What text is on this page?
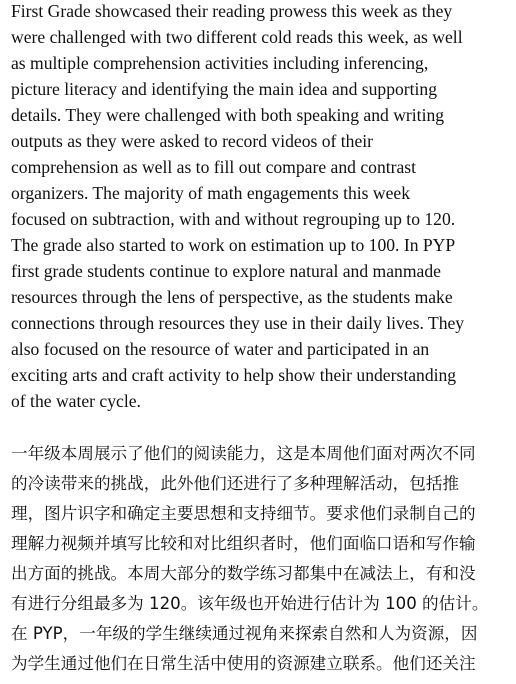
First Grade showcased their reading prowess this week as they
were challenged with two different cold reads this week, as well
as multiple comprehension activities including inferencing,
picture literacy and identifying the main idea and supporting
details. They were challenged with both speaking and writing
outputs as they were asked to record videos of their
comprehension as well as to fill out compare and contrast
organizers. The majority of math engagements this week
focused on subtraction, with and without regrouping up to 120.
The grade also started to work on estimation up to 100. In PYP
first grade students continue to explore natural and manmade
resources through the lens of perspective, as the students make
connections through resources they use in their daily lives. They
also focused on the resource of water and participated in an
exciting arts and craft activity to help show their understanding
of the water cycle.
一年级本周展示了他们的阅读能力，这是本周他们面对两次不同
的冷读带来的挑战，此外他们还进行了多种理解活动，包括推
理，图片识字和确定主要思想和支持细节。要求他们录制自己的
理解力视频并填写比较和对比组织者时，他们面临口语和写作输
出方面的挑战。本周大部分的数学练习都集中在减法上，有和没
有进行分组最多为 120。该年级也开始进行估计为 100 的估计。
在 PYP，一年级的学生继续通过视角来探索自然和人为资源，因
为学生通过他们在日常生活中使用的资源建立联系。他们还关注
